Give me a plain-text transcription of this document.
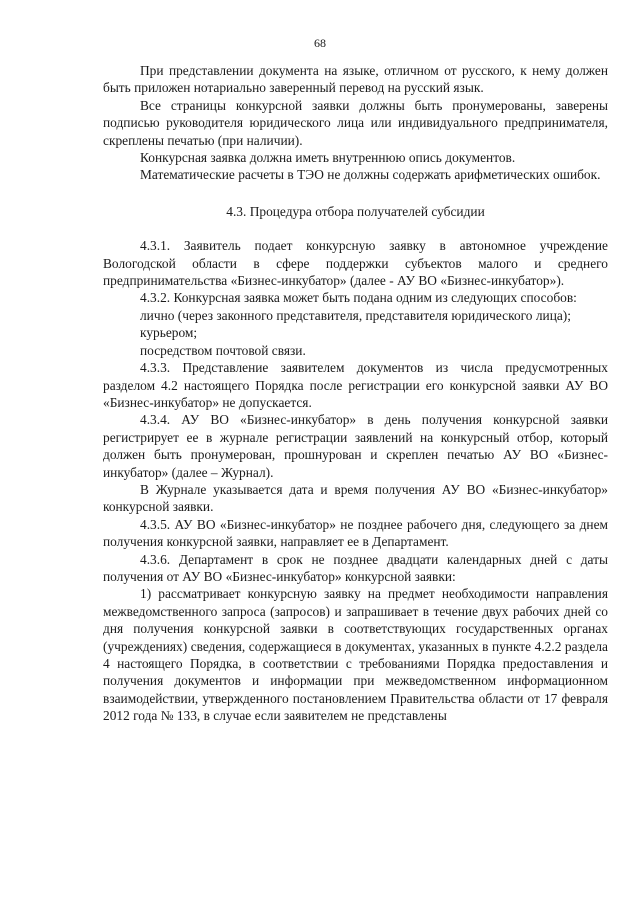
68

При представлении документа на языке, отличном от русского, к нему должен быть приложен нотариально заверенный перевод на русский язык.

Все страницы конкурсной заявки должны быть пронумерованы, заверены подписью руководителя юридического лица или индивидуального предпринимателя, скреплены печатью (при наличии).

Конкурсная заявка должна иметь внутреннюю опись документов.

Математические расчеты в ТЭО не должны содержать арифметических ошибок.

4.3. Процедура отбора получателей субсидии

4.3.1. Заявитель подает конкурсную заявку в автономное учреждение Вологодской области в сфере поддержки субъектов малого и среднего предпринимательства «Бизнес-инкубатор» (далее - АУ ВО «Бизнес-инкубатор»).

4.3.2. Конкурсная заявка может быть подана одним из следующих способов:

лично (через законного представителя, представителя юридического лица);

курьером;

посредством почтовой связи.

4.3.3. Представление заявителем документов из числа предусмотренных разделом 4.2 настоящего Порядка после регистрации его конкурсной заявки АУ ВО «Бизнес-инкубатор» не допускается.

4.3.4. АУ ВО «Бизнес-инкубатор» в день получения конкурсной заявки регистрирует ее в журнале регистрации заявлений на конкурсный отбор, который должен быть пронумерован, прошнурован и скреплен печатью АУ ВО «Бизнес-инкубатор» (далее – Журнал).

В Журнале указывается дата и время получения АУ ВО «Бизнес-инкубатор» конкурсной заявки.

4.3.5. АУ ВО «Бизнес-инкубатор» не позднее рабочего дня, следующего за днем получения конкурсной заявки, направляет ее в Департамент.

4.3.6. Департамент в срок не позднее двадцати календарных дней с даты получения от АУ ВО «Бизнес-инкубатор» конкурсной заявки:

1) рассматривает конкурсную заявку на предмет необходимости направления межведомственного запроса (запросов) и запрашивает в течение двух рабочих дней со дня получения конкурсной заявки в соответствующих государственных органах (учреждениях) сведения, содержащиеся в документах, указанных в пункте 4.2.2 раздела 4 настоящего Порядка, в соответствии с требованиями Порядка предоставления и получения документов и информации при межведомственном информационном взаимодействии, утвержденного постановлением Правительства области от 17 февраля 2012 года № 133, в случае если заявителем не представлены
